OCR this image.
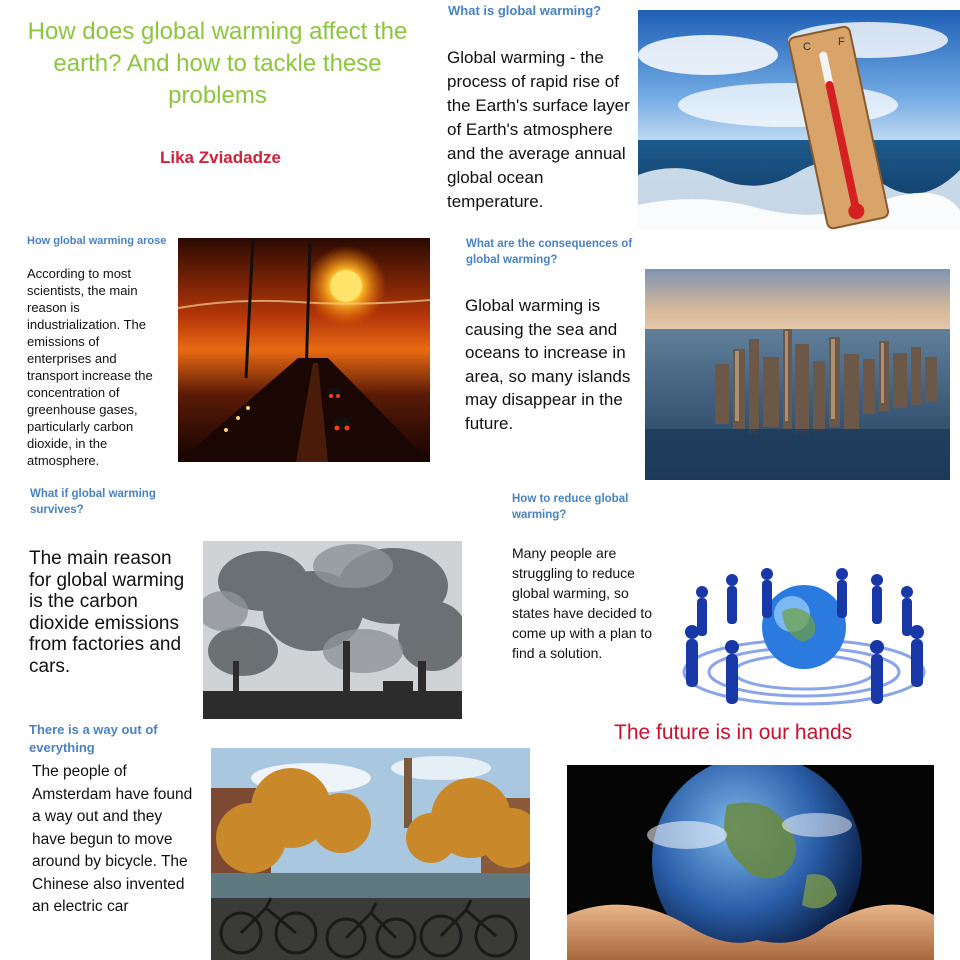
How does global warming affect the earth? And how to tackle these problems
Lika Zviadadze
What is global warming?
Global warming - the process of rapid rise of the Earth's surface layer of Earth's atmosphere and the average annual global ocean temperature.
C F
How global warming arose
According to most scientists, the main reason is industrialization. The emissions of enterprises and transport increase the concentration of greenhouse gases, particularly carbon dioxide, in the atmosphere.
What are the consequences of global warming?
Global warming is causing the sea and oceans to increase in area, so many islands may disappear in the future.
What if global warming survives?
The main reason for global warming is the carbon dioxide emissions from factories and cars.
How to reduce global warming?
Many people are struggling to reduce global warming, so states have decided to come up with a plan to find a solution.
The future is in our hands
There is a way out of everything
The people of Amsterdam have found a way out and they have begun to move around by bicycle. The Chinese also invented an electric car
